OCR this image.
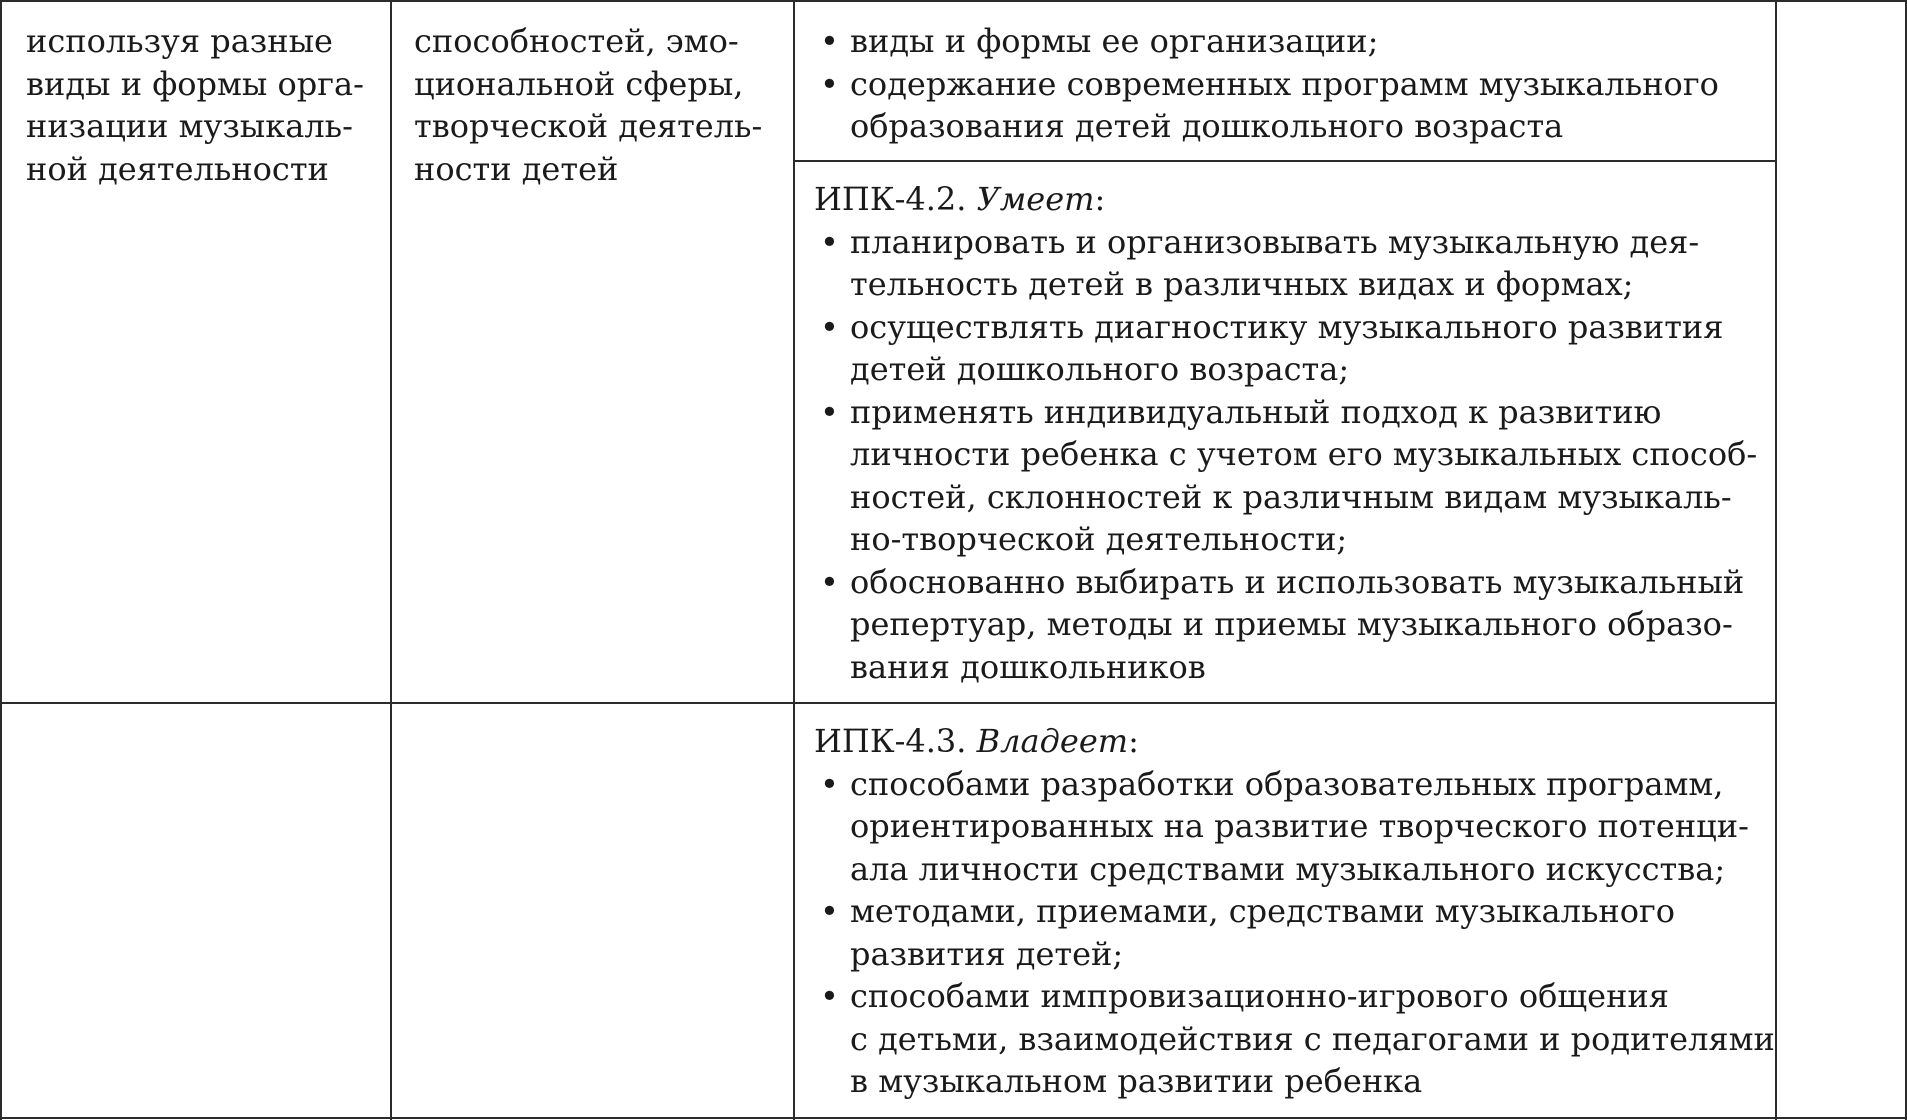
используя разные
виды и формы орга-
низации музыкаль-
ной деятельности
способностей, эмо-
циональной сферы,
творческой деятель-
ности детей
• виды и формы ее организации;
• содержание современных программ музыкального
образования детей дошкольного возраста
ИПК-4.2. Умеет:
• планировать и организовывать музыкальную дея-
тельность детей в различных видах и формах;
• осуществлять диагностику музыкального развития
детей дошкольного возраста;
• применять индивидуальный подход к развитию
личности ребенка с учетом его музыкальных способ-
ностей, склонностей к различным видам музыкаль-
но-творческой деятельности;
• обоснованно выбирать и использовать музыкальный
репертуар, методы и приемы музыкального образо-
вания дошкольников
ИПК-4.3. Владеет:
• способами разработки образовательных программ,
ориентированных на развитие творческого потенци-
ала личности средствами музыкального искусства;
• методами, приемами, средствами музыкального
развития детей;
• способами импровизационно-игрового общения
с детьми, взаимодействия с педагогами и родителями
в музыкальном развитии ребенка
